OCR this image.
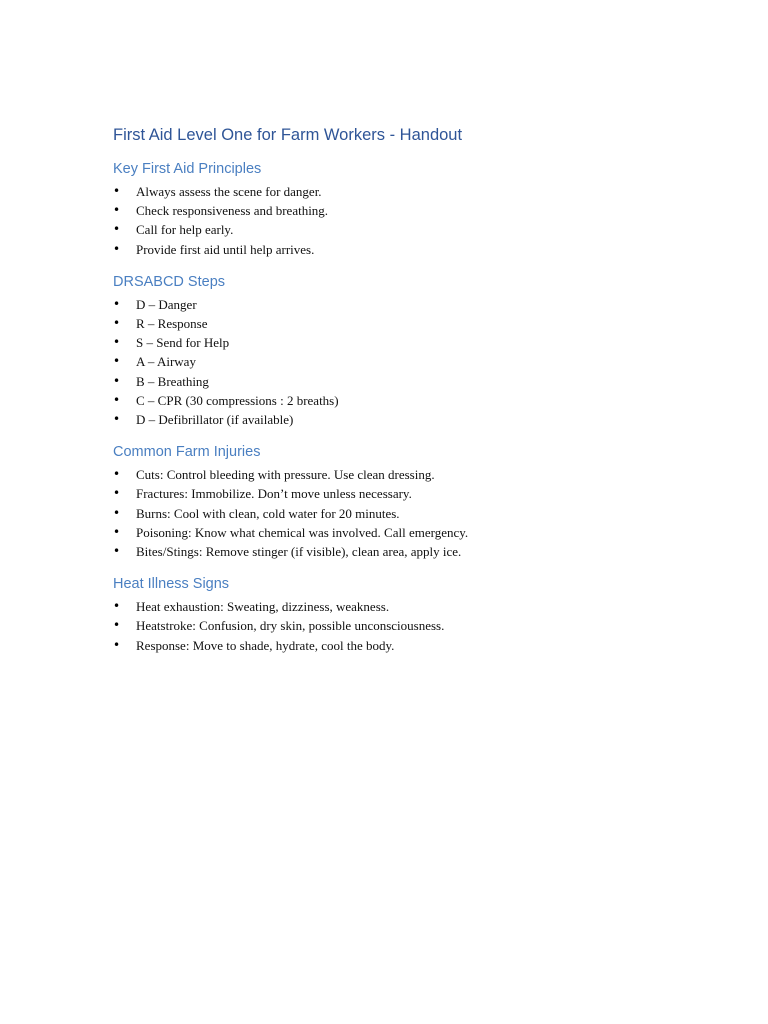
First Aid Level One for Farm Workers - Handout
Key First Aid Principles
• Always assess the scene for danger.
• Check responsiveness and breathing.
• Call for help early.
• Provide first aid until help arrives.
DRSABCD Steps
• D – Danger
• R – Response
• S – Send for Help
• A – Airway
• B – Breathing
• C – CPR (30 compressions : 2 breaths)
• D – Defibrillator (if available)
Common Farm Injuries
• Cuts: Control bleeding with pressure. Use clean dressing.
• Fractures: Immobilize. Don’t move unless necessary.
• Burns: Cool with clean, cold water for 20 minutes.
• Poisoning: Know what chemical was involved. Call emergency.
• Bites/Stings: Remove stinger (if visible), clean area, apply ice.
Heat Illness Signs
• Heat exhaustion: Sweating, dizziness, weakness.
• Heatstroke: Confusion, dry skin, possible unconsciousness.
• Response: Move to shade, hydrate, cool the body.
